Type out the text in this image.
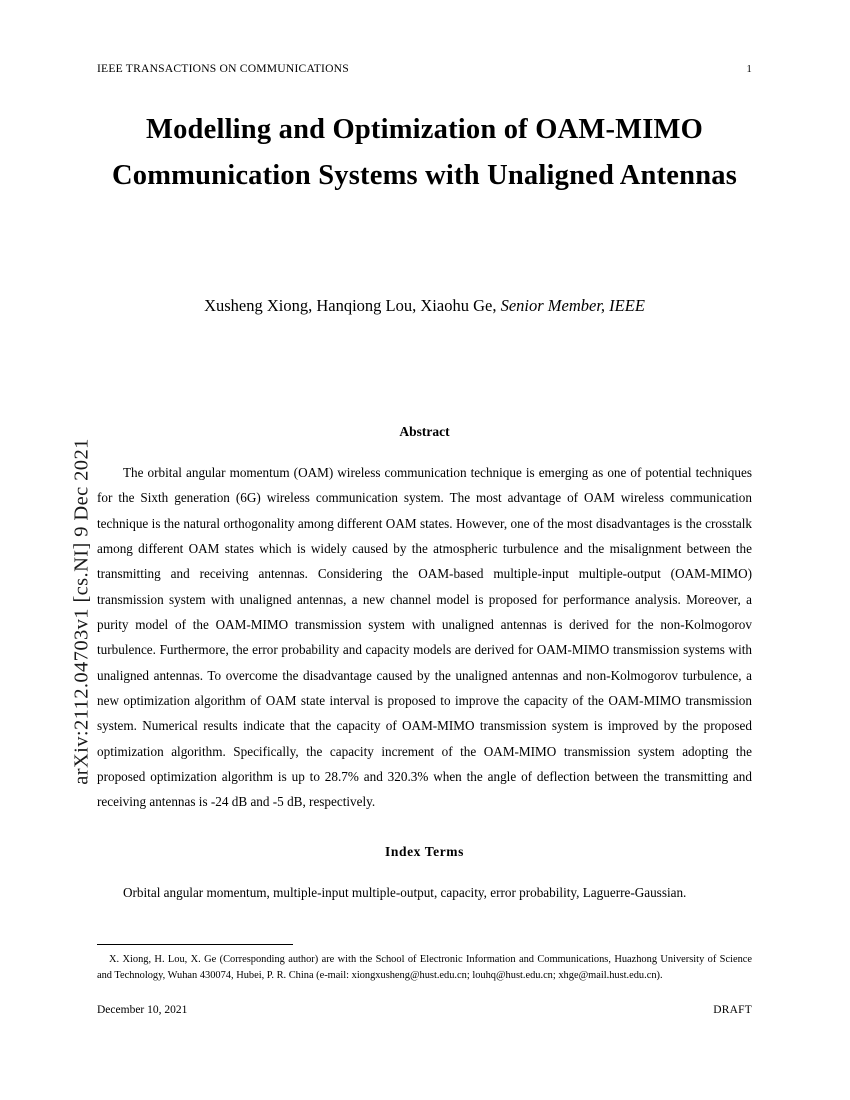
arXiv:2112.04703v1 [cs.NI] 9 Dec 2021
IEEE TRANSACTIONS ON COMMUNICATIONS	1
Modelling and Optimization of OAM-MIMO Communication Systems with Unaligned Antennas
Xusheng Xiong, Hanqiong Lou, Xiaohu Ge, Senior Member, IEEE
Abstract
The orbital angular momentum (OAM) wireless communication technique is emerging as one of potential techniques for the Sixth generation (6G) wireless communication system. The most advantage of OAM wireless communication technique is the natural orthogonality among different OAM states. However, one of the most disadvantages is the crosstalk among different OAM states which is widely caused by the atmospheric turbulence and the misalignment between the transmitting and receiving antennas. Considering the OAM-based multiple-input multiple-output (OAM-MIMO) transmission system with unaligned antennas, a new channel model is proposed for performance analysis. Moreover, a purity model of the OAM-MIMO transmission system with unaligned antennas is derived for the non-Kolmogorov turbulence. Furthermore, the error probability and capacity models are derived for OAM-MIMO transmission systems with unaligned antennas. To overcome the disadvantage caused by the unaligned antennas and non-Kolmogorov turbulence, a new optimization algorithm of OAM state interval is proposed to improve the capacity of the OAM-MIMO transmission system. Numerical results indicate that the capacity of OAM-MIMO transmission system is improved by the proposed optimization algorithm. Specifically, the capacity increment of the OAM-MIMO transmission system adopting the proposed optimization algorithm is up to 28.7% and 320.3% when the angle of deflection between the transmitting and receiving antennas is -24 dB and -5 dB, respectively.
Index Terms
Orbital angular momentum, multiple-input multiple-output, capacity, error probability, Laguerre-Gaussian.
X. Xiong, H. Lou, X. Ge (Corresponding author) are with the School of Electronic Information and Communications, Huazhong University of Science and Technology, Wuhan 430074, Hubei, P. R. China (e-mail: xiongxusheng@hust.edu.cn; louhq@hust.edu.cn; xhge@mail.hust.edu.cn).
December 10, 2021	DRAFT
